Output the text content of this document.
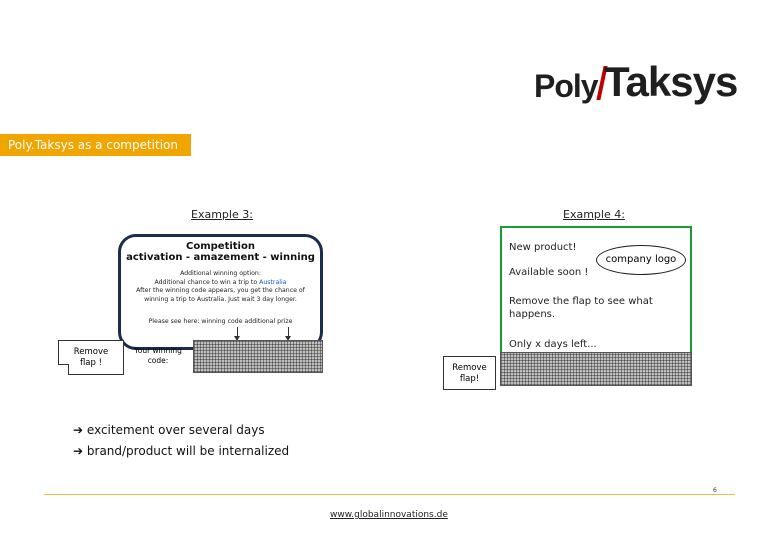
Poly Taksys
Poly.Taksys as a competition
Example 3:
Competition
activation - amazement - winning
Additional winning option:
Additional chance to win a trip to Australia
After the winning code appears, you get the chance of
winning a trip to Australia. Just wait 3 day longer.
Please see here: winning code additional prize
Remove
flap !
Your winning
code:
Example 4:
New product!
Available soon !
company logo
Remove the flap to see what happens.
Only x days left...
Remove
flap!
➔ excitement over several days
➔ brand/product will be internalized
6
www.globalinnovations.de
